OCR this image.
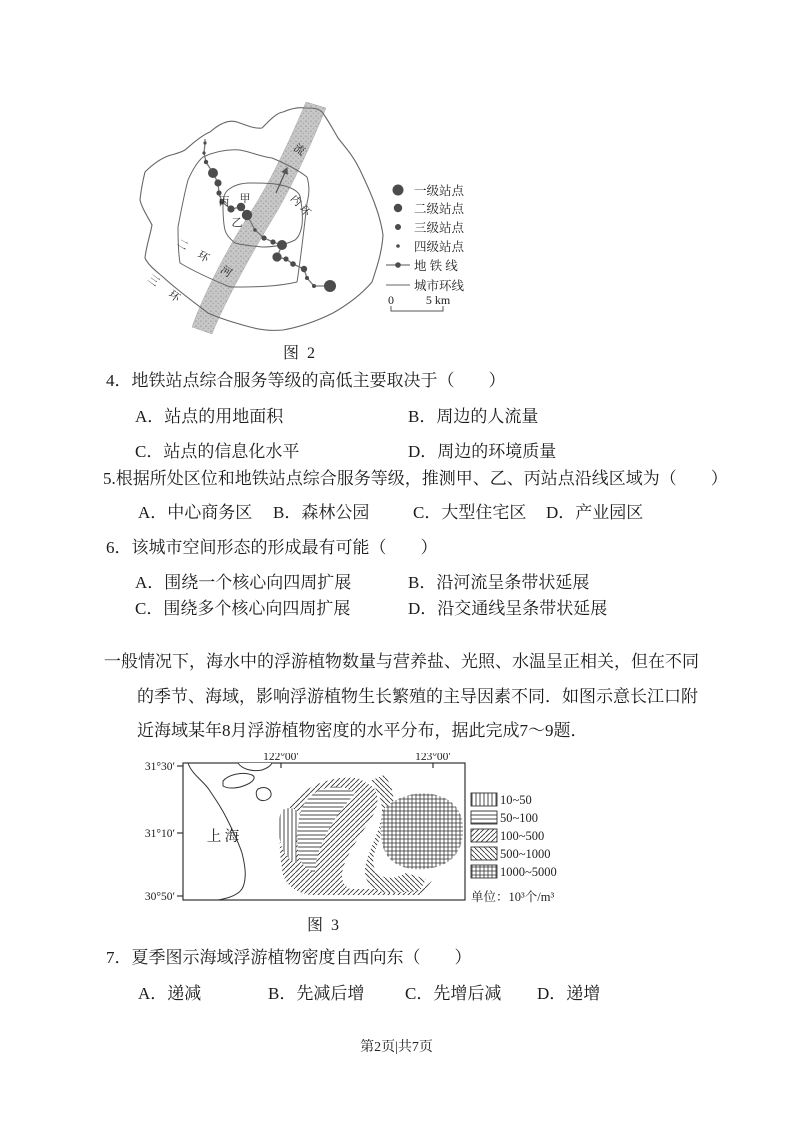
丙 甲
乙
流
河
内环
二环
三环
一级站点
二级站点
三级站点
四级站点
地 铁 线
城市环线
0	5 km
图 2
4．地铁站点综合服务等级的高低主要取决于（　　）
A．站点的用地面积	B．周边的人流量
C．站点的信息化水平	D．周边的环境质量
5.根据所处区位和地铁站点综合服务等级，推测甲、乙、丙站点沿线区域为（　　）
A．中心商务区 B．森林公园	C．大型住宅区 D．产业园区
6．该城市空间形态的形成最有可能（　　）
A．围绕一个核心向四周扩展	B．沿河流呈条带状延展
C．围绕多个核心向四周扩展	D．沿交通线呈条带状延展
一般情况下，海水中的浮游植物数量与营养盐、光照、水温呈正相关，但在不同
的季节、海域，影响浮游植物生长繁殖的主导因素不同．如图示意长江口附
近海域某年8月浮游植物密度的水平分布，据此完成7～9题．
31°30′
31°10′
30°50′
122°00′	123°00′
上 海
10~50
50~100
100~500
500~1000
1000~5000
单位：10³个/m³
图 3
7．夏季图示海域浮游植物密度自西向东（　　）
A．递减	B．先减后增 C．先增后减 D．递增
第2页|共7页
